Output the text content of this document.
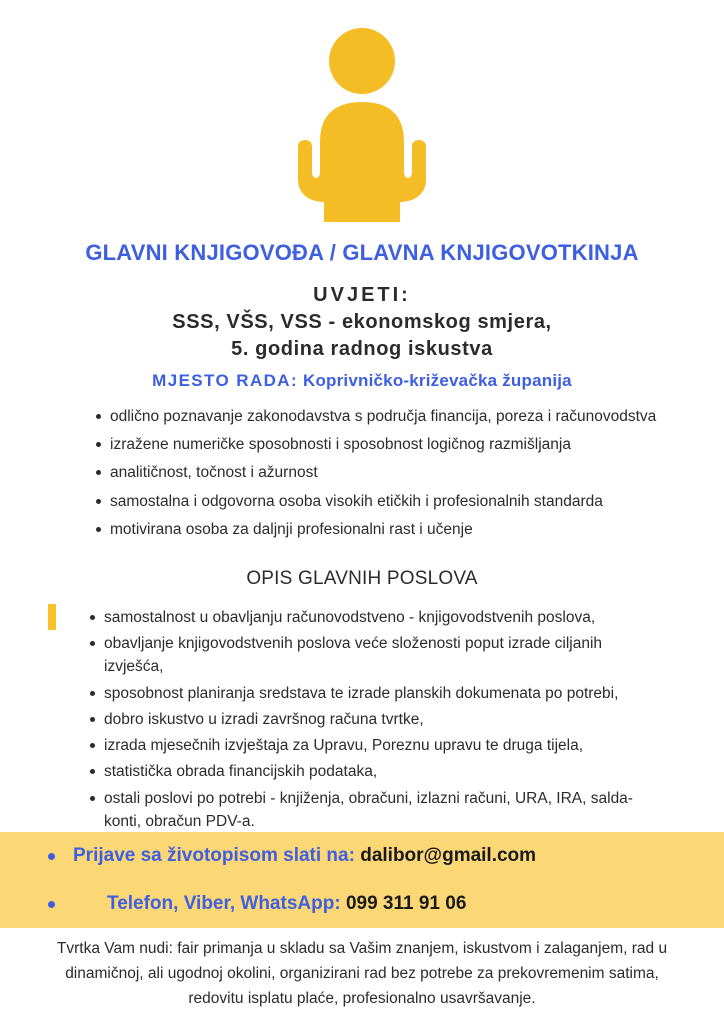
GLAVNI KNJIGOVOĐA / GLAVNA KNJIGOVOTKINJA
UVJETI:
SSS, VŠS, VSS - ekonomskog smjera,
5. godina radnog iskustva
MJESTO RADA: Koprivničko-križevačka županija
odlično poznavanje zakonodavstva s područja financija, poreza i računovodstva
izražene numeričke sposobnosti i sposobnost logičnog razmišljanja
analitičnost, točnost i ažurnost
samostalna i odgovorna osoba visokih etičkih i profesionalnih standarda
motivirana osoba za daljnji profesionalni rast i učenje
OPIS GLAVNIH POSLOVA
samostalnost u obavljanju računovodstveno - knjigovodstvenih poslova,
obavljanje knjigovodstvenih poslova veće složenosti poput izrade ciljanih izvješća,
sposobnost planiranja sredstava te izrade planskih dokumenata po potrebi,
dobro iskustvo u izradi završnog računa tvrtke,
izrada mjesečnih izvještaja za Upravu, Poreznu upravu te druga tijela,
statistička obrada financijskih podataka,
ostali poslovi po potrebi - knjiženja, obračuni, izlazni računi, URA, IRA, salda-konti, obračun PDV-a.
Prijave sa životopisom slati na: dalibor@gmail.com
Telefon, Viber, WhatsApp: 099 311 91 06
Tvrtka Vam nudi: fair primanja u skladu sa Vašim znanjem, iskustvom i zalaganjem, rad u dinamičnoj, ali ugodnoj okolini, organizirani rad bez potrebe za prekovremenim satima, redovitu isplatu plaće, profesionalno usavršavanje.
